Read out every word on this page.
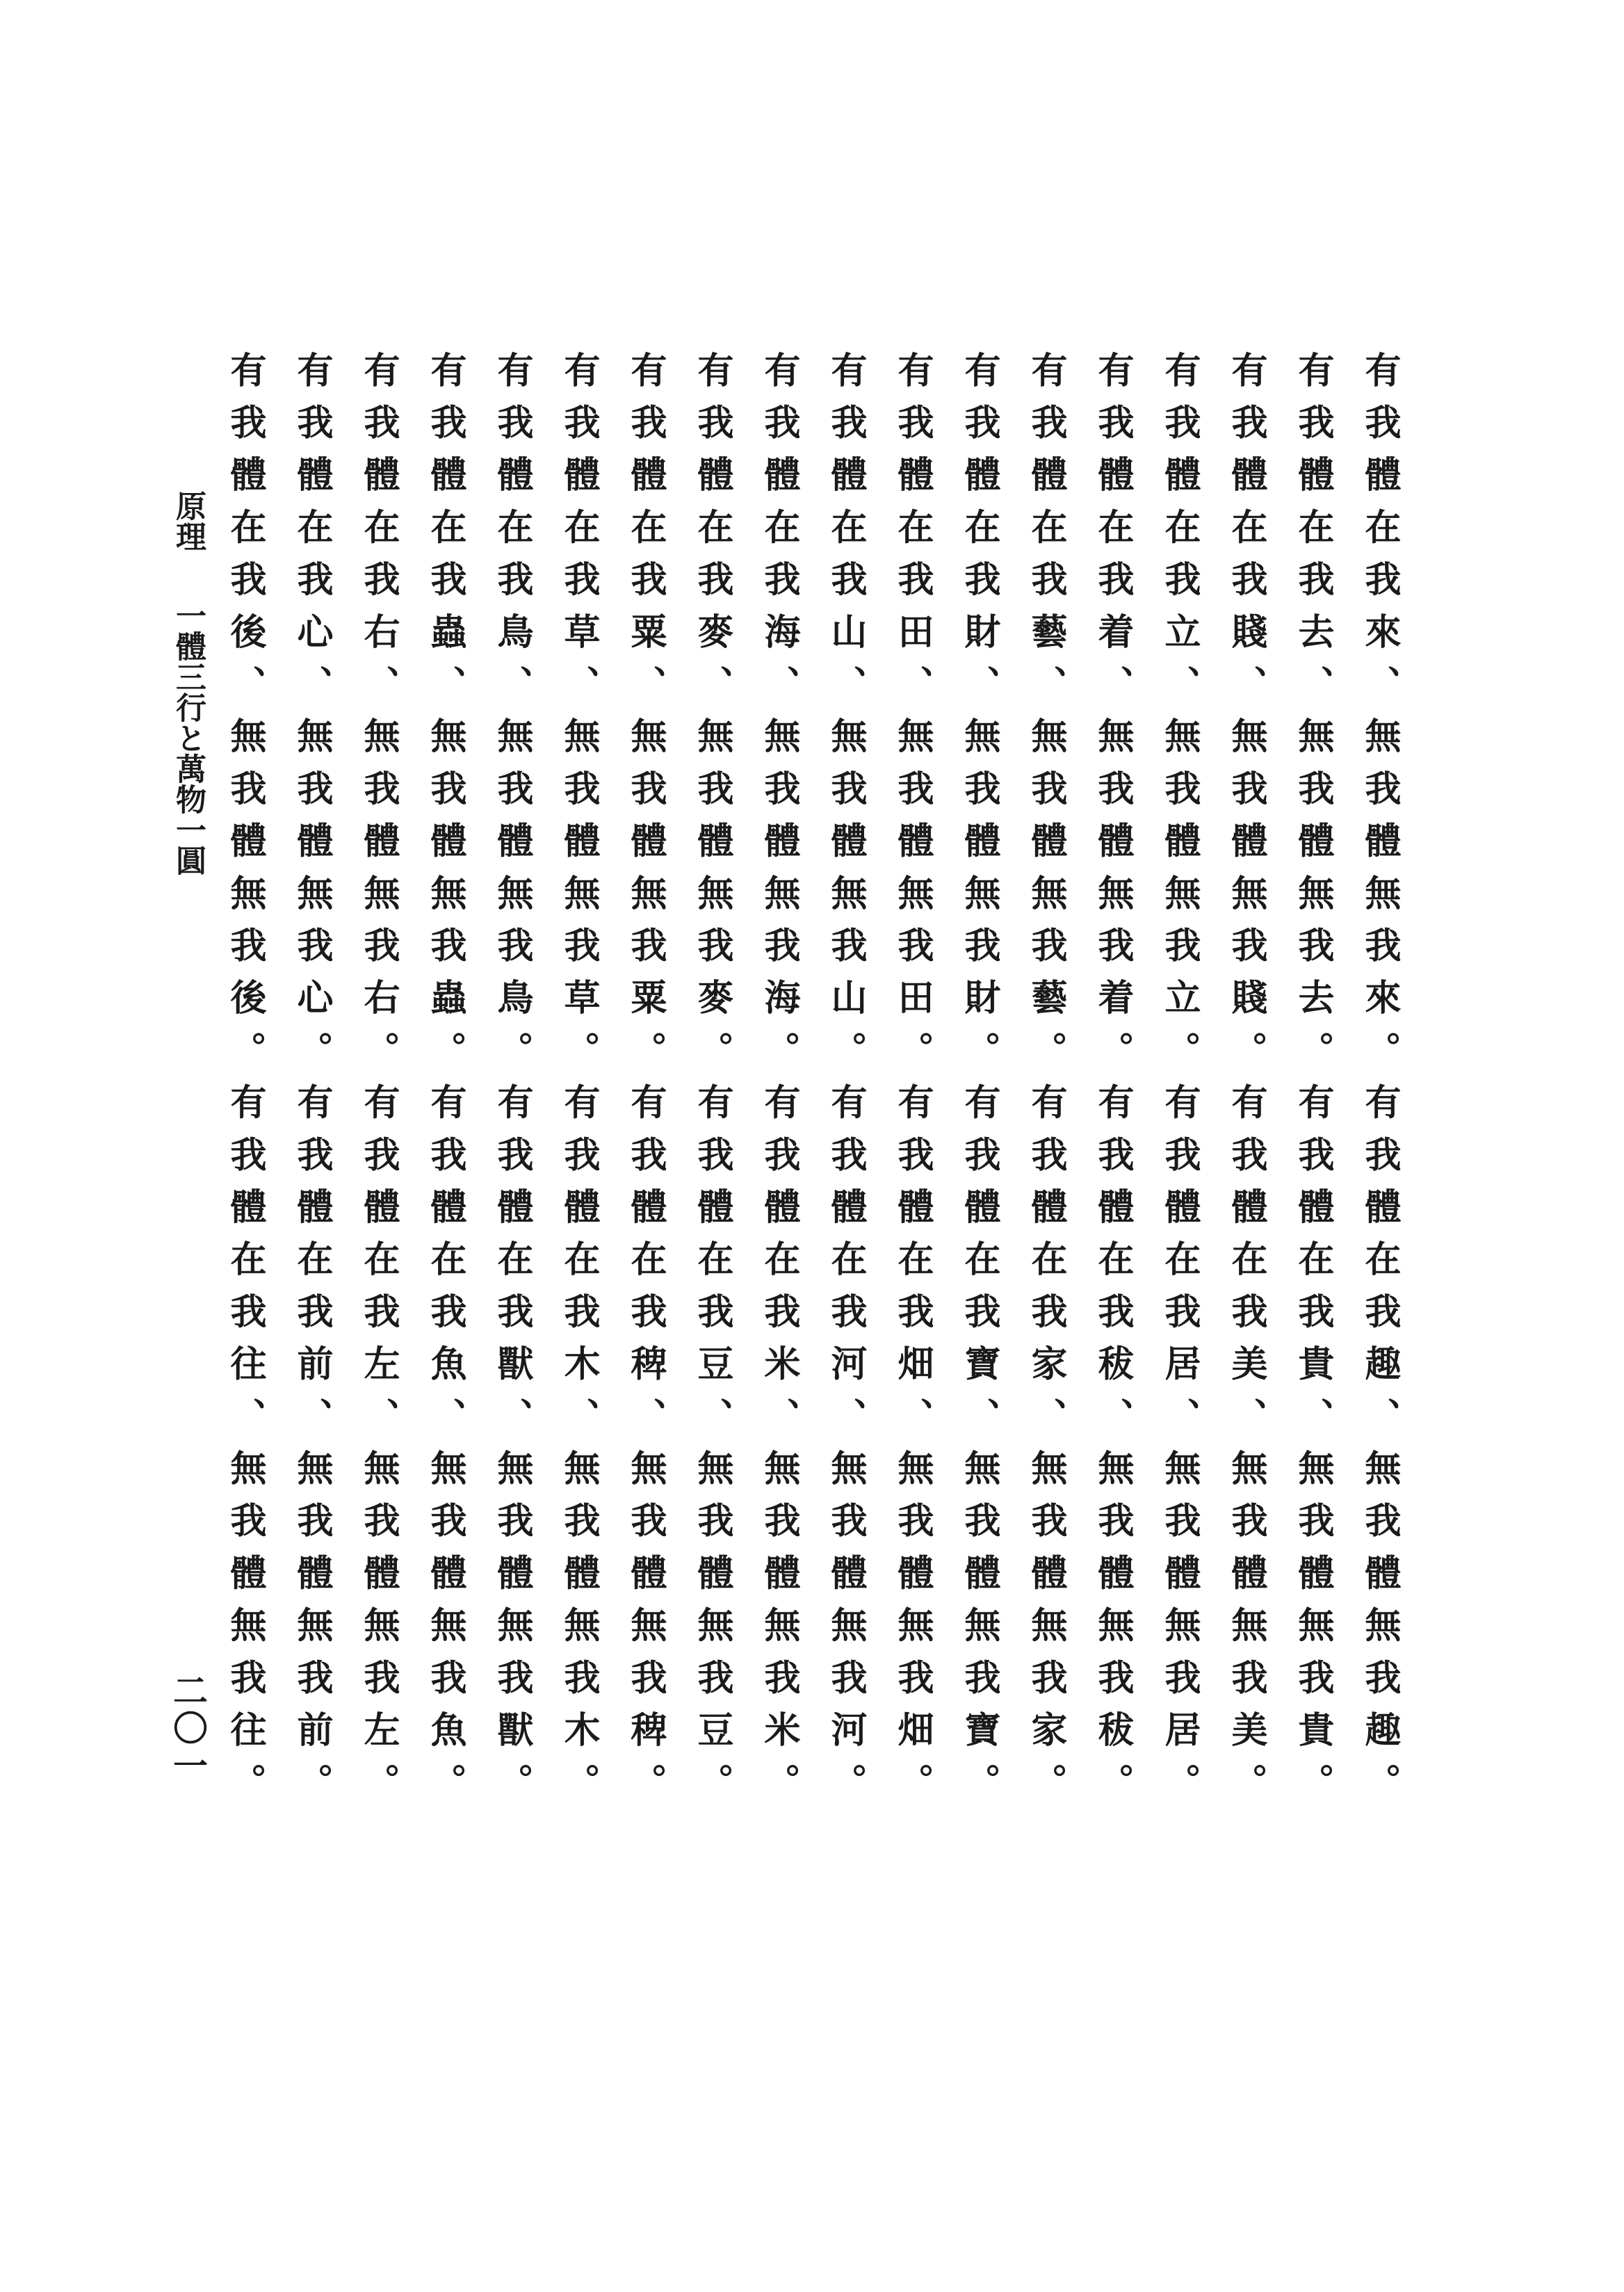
有我體在我來、無我體無我來。有我體在我趣、無我體無我趣。
有我體在我去、無我體無我去。有我體在我貴、無我體無我貴。
有我體在我賤、無我體無我賤。有我體在我美、無我體無我美。
有我體在我立、無我體無我立。有我體在我居、無我體無我居。
有我體在我着、無我體無我着。有我體在我秡、無我體無我秡。
有我體在我藝、無我體無我藝。有我體在我家、無我體無我家。
有我體在我財、無我體無我財。有我體在我寶、無我體無我寶。
有我體在我田、無我體無我田。有我體在我畑、無我體無我畑。
有我體在我山、無我體無我山。有我體在我河、無我體無我河。
有我體在我海、無我體無我海。有我體在我米、無我體無我米。
有我體在我麥、無我體無我麥。有我體在我豆、無我體無我豆。
有我體在我粟、無我體無我粟。有我體在我稗、無我體無我稗。
有我體在我草、無我體無我草。有我體在我木、無我體無我木。
有我體在我鳥、無我體無我鳥。有我體在我獸、無我體無我獸。
有我體在我蟲、無我體無我蟲。有我體在我魚、無我體無我魚。
有我體在我右、無我體無我右。有我體在我左、無我體無我左。
有我體在我心、無我體無我心。有我體在我前、無我體無我前。
有我體在我後、無我體無我後。有我體在我往、無我體無我往。
原理一體三行と萬物一圓
二〇一
